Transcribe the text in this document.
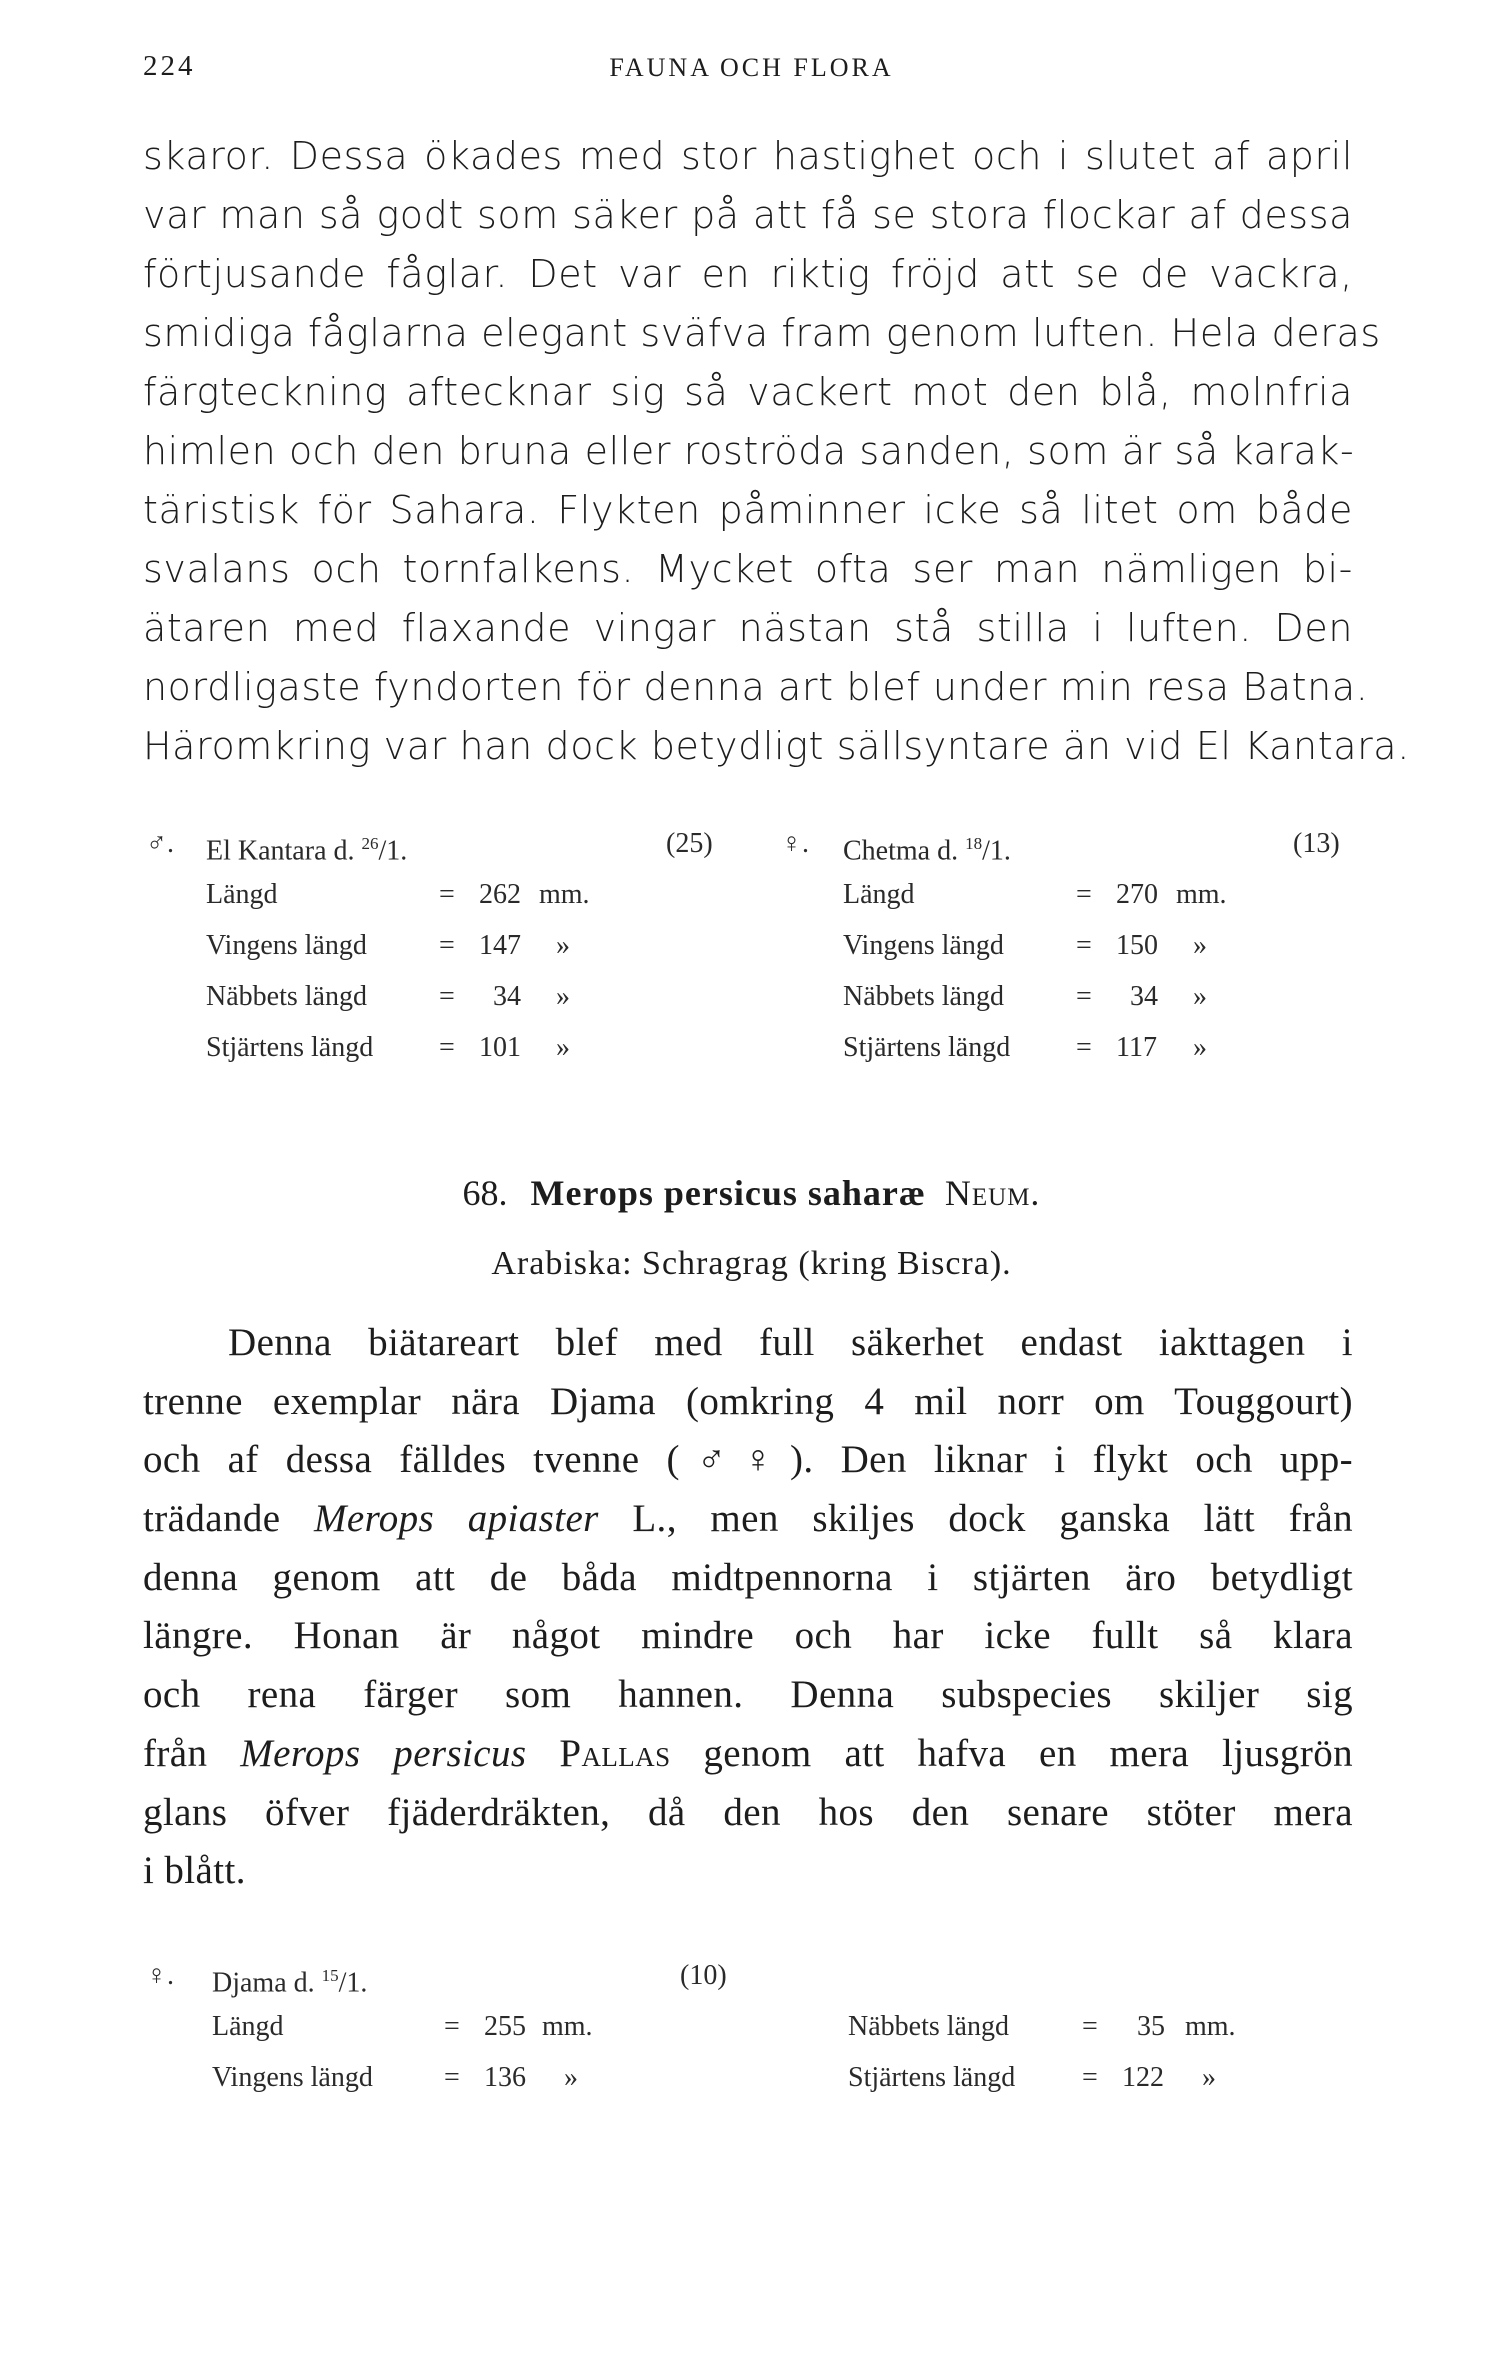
224	FAUNA OCH FLORA
skaror. Dessa ökades med stor hastighet och i slutet af april
var man så godt som säker på att få se stora flockar af dessa
förtjusande fåglar. Det var en riktig fröjd att se de vackra,
smidiga fåglarna elegant sväfva fram genom luften. Hela deras
färgteckning aftecknar sig så vackert mot den blå, molnfria
himlen och den bruna eller roströda sanden, som är så karak-
täristisk för Sahara. Flykten påminner icke så litet om både
svalans och tornfalkens. Mycket ofta ser man nämligen bi-
ätaren med flaxande vingar nästan stå stilla i luften. Den
nordligaste fyndorten för denna art blef under min resa Batna.
Häromkring var han dock betydligt sällsyntare än vid El Kantara.
♂. El Kantara d. $^{26}$/1.	(25)
Längd	= 262 mm.
Vingens längd	= 147 »
Näbbets längd	= 34 »
Stjärtens längd = 101 »
♀. Chetma d. $^{18}$/1.	(13)
Längd	= 270 mm.
Vingens längd	= 150 »
Näbbets längd	= 34 »
Stjärtens längd = 117 »
68. Merops persicus saharæ Neum.
Arabiska: Schragrag (kring Biscra).
Denna biätareart blef med full säkerhet endast iakttagen i
trenne exemplar nära Djama (omkring 4 mil norr om Touggourt)
och af dessa fälldes tvenne (♂♀). Den liknar i flykt och upp-
trädande Merops apiaster L., men skiljes dock ganska lätt från
denna genom att de båda midtpennorna i stjärten äro betydligt
längre. Honan är något mindre och har icke fullt så klara
och rena färger som hannen. Denna subspecies skiljer sig
från Merops persicus Pallas genom att hafva en mera ljusgrön
glans öfver fjäderdräkten, då den hos den senare stöter mera
i blått.
♀. Djama d. $^{15}$/1.	(10)
Längd	= 255 mm.	Näbbets längd	= 35 mm.
Vingens längd	= 136 »	Stjärtens längd = 122 »
